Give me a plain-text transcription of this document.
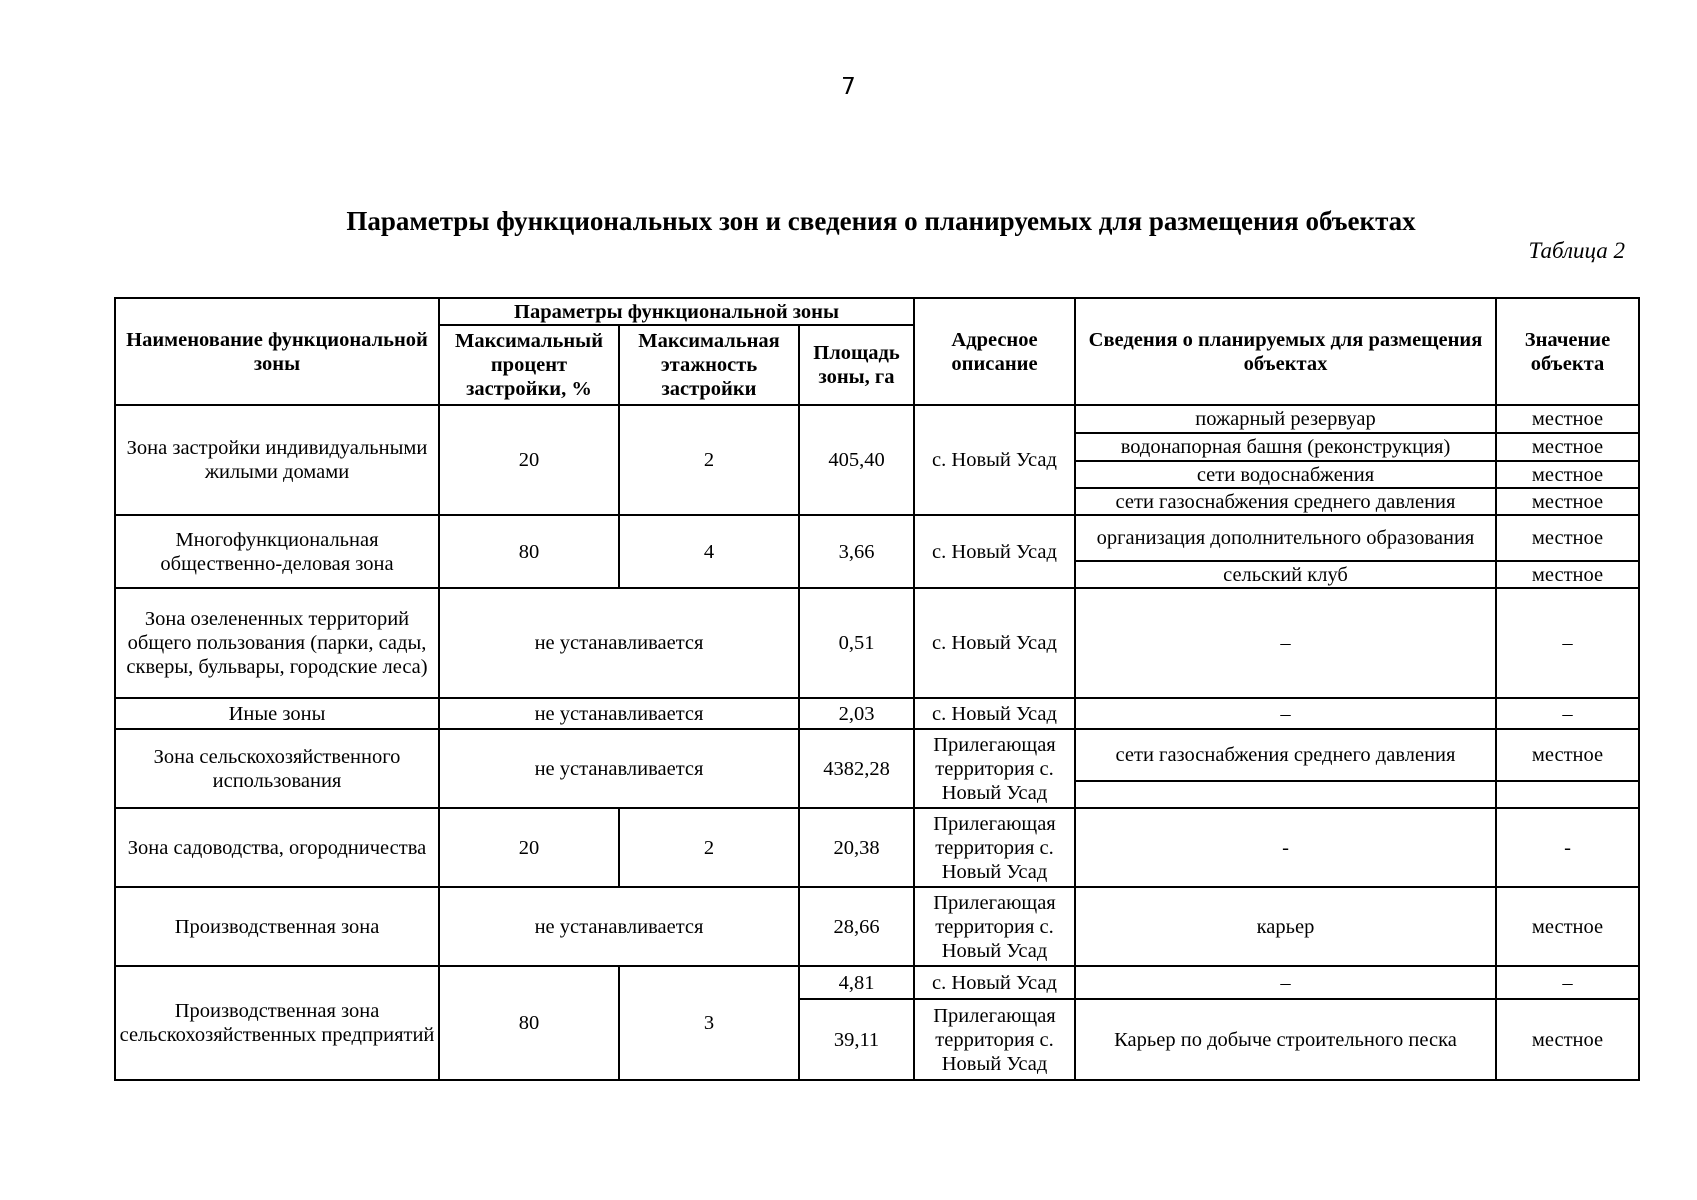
7
Параметры функциональных зон и сведения о планируемых для размещения объектах
Таблица 2
Наименование функциональной зоны	Параметры функциональной зоны			Адресное описание	Сведения о планируемых для размещения объектах	Значение объекта
	Максимальный процент застройки, %	Максимальная этажность застройки	Площадь зоны, га			
Зона застройки индивидуальными жилыми домами	20	2	405,40	с. Новый Усад	пожарный резервуар	местное
					водонапорная башня (реконструкция)	местное
					сети водоснабжения	местное
					сети газоснабжения среднего давления	местное
Многофункциональная общественно-деловая зона	80	4	3,66	с. Новый Усад	организация дополнительного образования	местное
					сельский клуб	местное
Зона озелененных территорий общего пользования (парки, сады, скверы, бульвары, городские леса)	не устанавливается		0,51	с. Новый Усад	–	–
Иные зоны	не устанавливается		2,03	с. Новый Усад	–	–
Зона сельскохозяйственного использования	не устанавливается		4382,28	Прилегающая территория с. Новый Усад	сети газоснабжения среднего давления	местное

Зона садоводства, огородничества	20	2	20,38	Прилегающая территория с. Новый Усад	-	-
Производственная зона	не устанавливается		28,66	Прилегающая территория с. Новый Усад	карьер	местное
Производственная зона сельскохозяйственных предприятий	80	3	4,81	с. Новый Усад	–	–
			39,11	Прилегающая территория с. Новый Усад	Карьер по добыче строительного песка	местное
